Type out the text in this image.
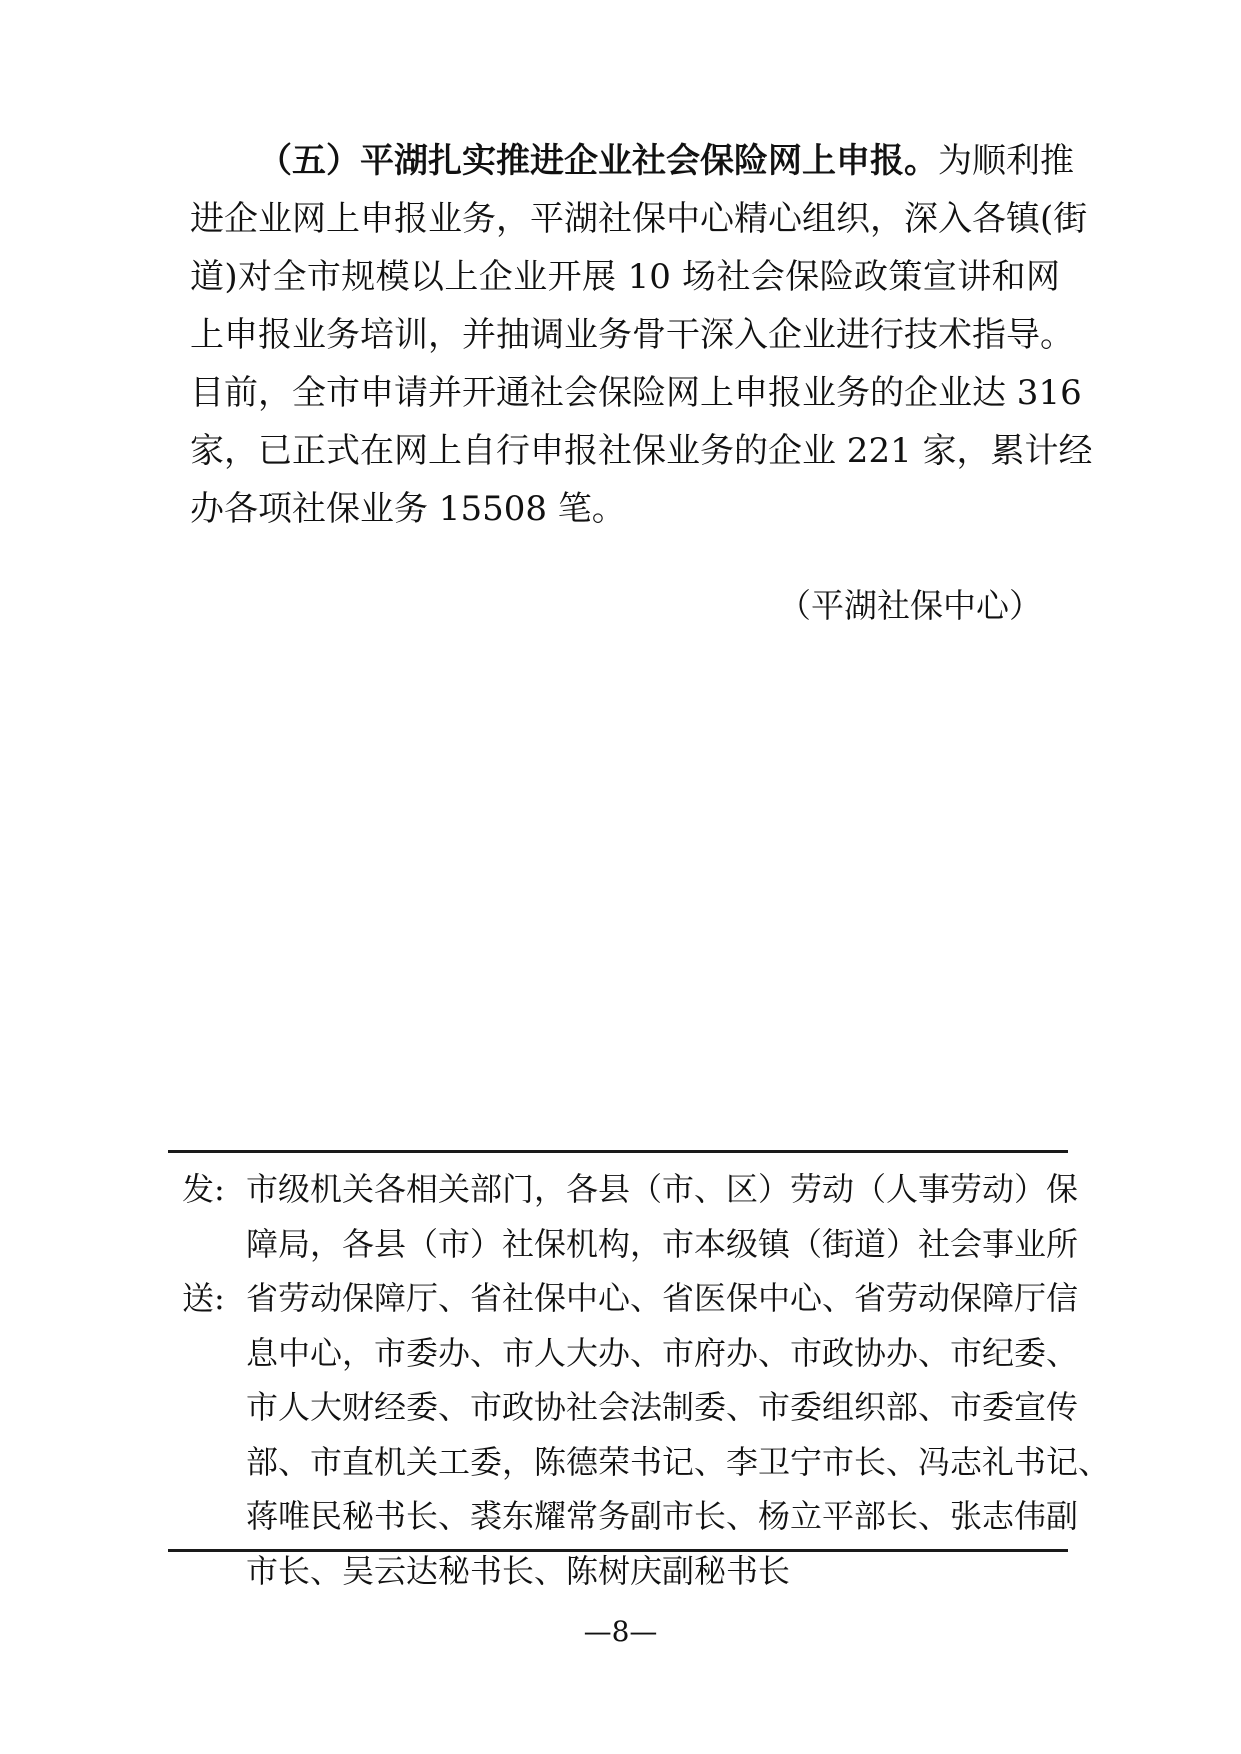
（五）平湖扎实推进企业社会保险网上申报。为顺利推
进企业网上申报业务，平湖社保中心精心组织，深入各镇(街
道)对全市规模以上企业开展 10 场社会保险政策宣讲和网
上申报业务培训，并抽调业务骨干深入企业进行技术指导。
目前，全市申请并开通社会保险网上申报业务的企业达 316
家，已正式在网上自行申报社保业务的企业 221 家，累计经
办各项社保业务 15508 笔。
（平湖社保中心）
发:
送:
市级机关各相关部门，各县（市、区）劳动（人事劳动）保
障局，各县（市）社保机构，市本级镇（街道）社会事业所
省劳动保障厅、省社保中心、省医保中心、省劳动保障厅信
息中心，市委办、市人大办、市府办、市政协办、市纪委、
市人大财经委、市政协社会法制委、市委组织部、市委宣传
部、市直机关工委，陈德荣书记、李卫宁市长、冯志礼书记、
蒋唯民秘书长、裘东耀常务副市长、杨立平部长、张志伟副
市长、吴云达秘书长、陈树庆副秘书长
—8—
